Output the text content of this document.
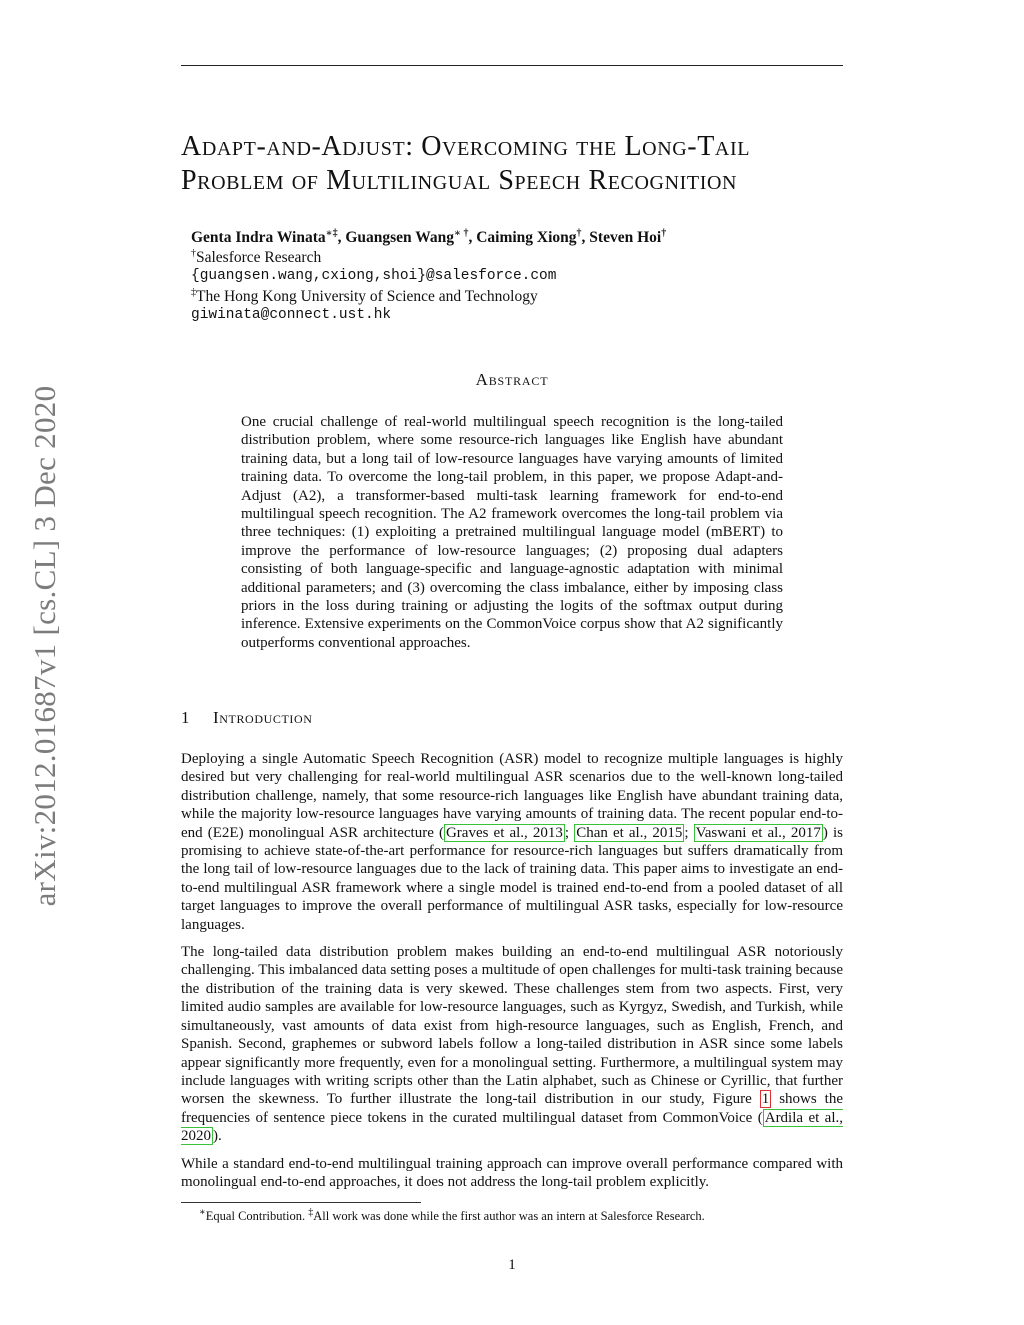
arXiv:2012.01687v1 [cs.CL] 3 Dec 2020
Adapt-and-Adjust: Overcoming the Long-Tail
Problem of Multilingual Speech Recognition
Genta Indra Winata∗‡, Guangsen Wang∗ †, Caiming Xiong†, Steven Hoi†
†Salesforce Research
{guangsen.wang,cxiong,shoi}@salesforce.com
‡The Hong Kong University of Science and Technology
giwinata@connect.ust.hk
Abstract
One crucial challenge of real-world multilingual speech recognition is the long-tailed distribution problem, where some resource-rich languages like English have abundant training data, but a long tail of low-resource languages have varying amounts of limited training data. To overcome the long-tail problem, in this paper, we propose Adapt-and-Adjust (A2), a transformer-based multi-task learning framework for end-to-end multilingual speech recognition. The A2 framework overcomes the long-tail problem via three techniques: (1) exploiting a pretrained multilingual language model (mBERT) to improve the performance of low-resource languages; (2) proposing dual adapters consisting of both language-specific and language-agnostic adaptation with minimal additional parameters; and (3) overcoming the class imbalance, either by imposing class priors in the loss during training or adjusting the logits of the softmax output during inference. Extensive experiments on the CommonVoice corpus show that A2 significantly outperforms conventional approaches.
1 Introduction

Deploying a single Automatic Speech Recognition (ASR) model to recognize multiple languages is highly desired but very challenging for real-world multilingual ASR scenarios due to the well-known long-tailed distribution challenge, namely, that some resource-rich languages like English have abundant training data, while the majority low-resource languages have varying amounts of training data. The recent popular end-to-end (E2E) monolingual ASR architecture ( Graves et al., 2013 ; Chan et al., 2015 ; Vaswani et al., 2017 ) is promising to achieve state-of-the-art performance for resource-rich languages but suffers dramatically from the long tail of low-resource languages due to the lack of training data. This paper aims to investigate an end-to-end multilingual ASR framework where a single model is trained end-to-end from a pooled dataset of all target languages to improve the overall performance of multilingual ASR tasks, especially for low-resource languages.

The long-tailed data distribution problem makes building an end-to-end multilingual ASR notoriously challenging. This imbalanced data setting poses a multitude of open challenges for multi-task training because the distribution of the training data is very skewed. These challenges stem from two aspects. First, very limited audio samples are available for low-resource languages, such as Kyrgyz, Swedish, and Turkish, while simultaneously, vast amounts of data exist from high-resource languages, such as English, French, and Spanish. Second, graphemes or subword labels follow a long-tailed distribution in ASR since some labels appear significantly more frequently, even for a monolingual setting. Furthermore, a multilingual system may include languages with writing scripts other than the Latin alphabet, such as Chinese or Cyrillic, that further worsen the skewness. To further illustrate the long-tail distribution in our study, Figure 1 shows the frequencies of sentence piece tokens in the curated multilingual dataset from CommonVoice ( Ardila et al., 2020 ).

While a standard end-to-end multilingual training approach can improve overall performance compared with monolingual end-to-end approaches, it does not address the long-tail problem explicitly.

∗Equal Contribution. ‡All work was done while the first author was an intern at Salesforce Research.
1
